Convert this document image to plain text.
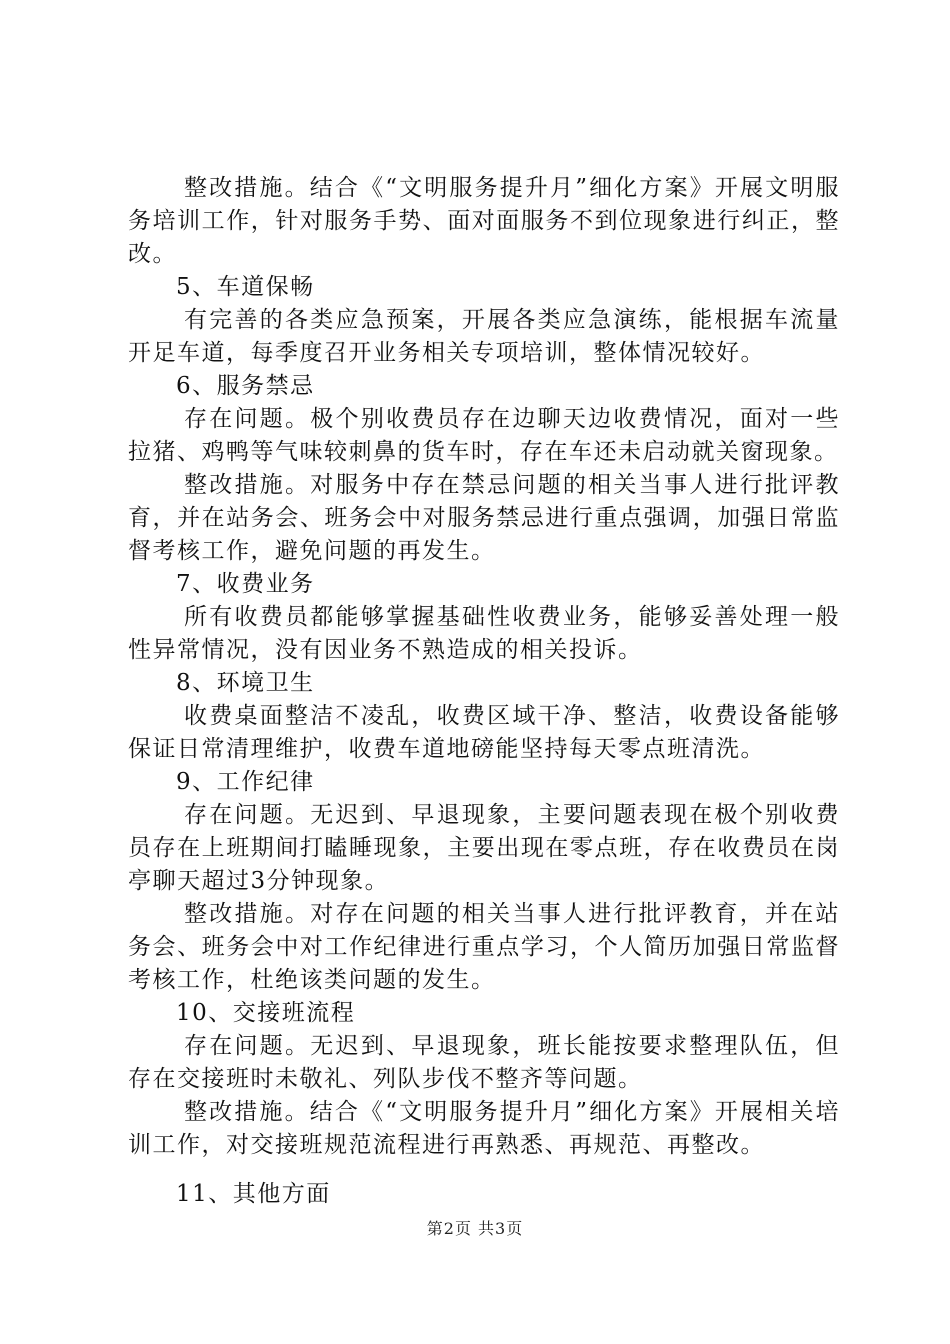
整改措施。结合《“文明服务提升月”细化方案》开展文明服务培训工作，针对服务手势、面对面服务不到位现象进行纠正，整改。

5、车道保畅

有完善的各类应急预案，开展各类应急演练，能根据车流量开足车道，每季度召开业务相关专项培训，整体情况较好。

6、服务禁忌

存在问题。极个别收费员存在边聊天边收费情况，面对一些拉猪、鸡鸭等气味较刺鼻的货车时，存在车还未启动就关窗现象。

整改措施。对服务中存在禁忌问题的相关当事人进行批评教育，并在站务会、班务会中对服务禁忌进行重点强调，加强日常监督考核工作，避免问题的再发生。

7、收费业务

所有收费员都能够掌握基础性收费业务，能够妥善处理一般性异常情况，没有因业务不熟造成的相关投诉。

8、环境卫生

收费桌面整洁不凌乱，收费区域干净、整洁，收费设备能够保证日常清理维护，收费车道地磅能坚持每天零点班清洗。

9、工作纪律

存在问题。无迟到、早退现象，主要问题表现在极个别收费员存在上班期间打瞌睡现象，主要出现在零点班，存在收费员在岗亭聊天超过3分钟现象。

整改措施。对存在问题的相关当事人进行批评教育，并在站务会、班务会中对工作纪律进行重点学习，个人简历加强日常监督考核工作，杜绝该类问题的发生。

10、交接班流程

存在问题。无迟到、早退现象，班长能按要求整理队伍，但存在交接班时未敬礼、列队步伐不整齐等问题。

整改措施。结合《“文明服务提升月”细化方案》开展相关培训工作，对交接班规范流程进行再熟悉、再规范、再整改。

11、其他方面

第2页 共3页
